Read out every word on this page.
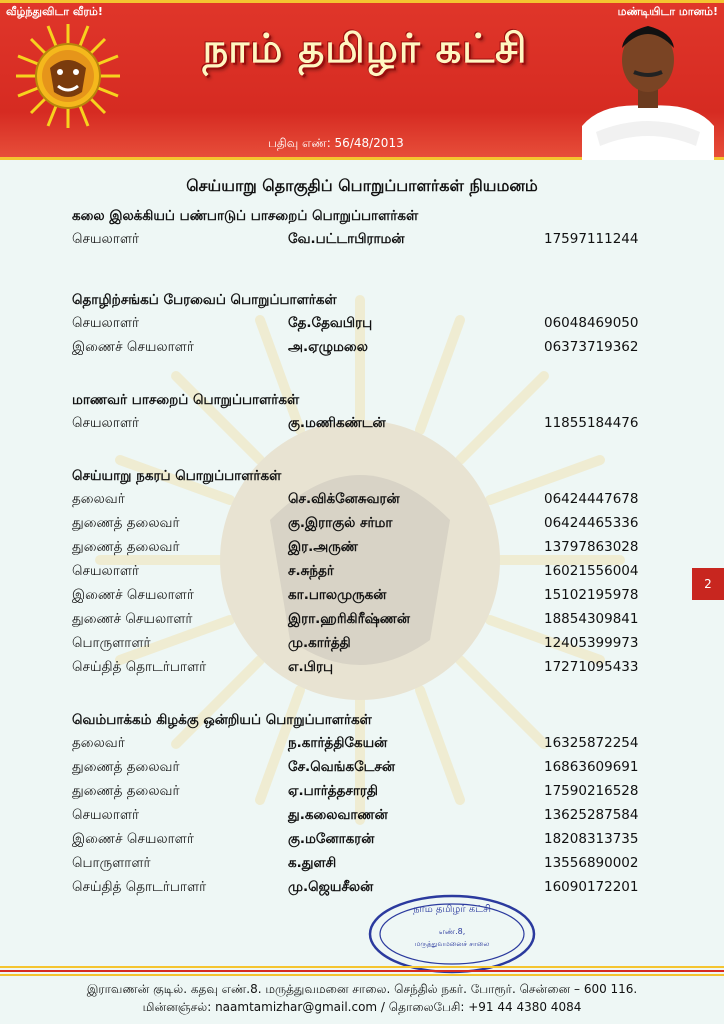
வீழ்ந்துவிடா வீரம்!	மண்டியிடா மானம்!
நாம் தமிழர் கட்சி
பதிவு எண்: 56/48/2013
செய்யாறு தொகுதிப் பொறுப்பாளர்கள் நியமனம்
கலை இலக்கியப் பண்பாடுப் பாசறைப் பொறுப்பாளர்கள்
செயலாளர்	வே.பட்டாபிராமன்	17597111244
தொழிற்சங்கப் பேரவைப் பொறுப்பாளர்கள்
செயலாளர்	தே.தேவபிரபு	06048469050
இணைச் செயலாளர்	அ.ஏழுமலை	06373719362
மாணவர் பாசறைப் பொறுப்பாளர்கள்
செயலாளர்	கு.மணிகண்டன்	11855184476
செய்யாறு நகரப் பொறுப்பாளர்கள்
தலைவர்	செ.விக்னேசுவரன்	06424447678
துணைத் தலைவர்	கு.இராகுல் சர்மா	06424465336
துணைத் தலைவர்	இர.அருண்	13797863028
செயலாளர்	ச.சுந்தர்	16021556004
இணைச் செயலாளர்	கா.பாலமுருகன்	15102195978
துணைச் செயலாளர்	இரா.ஹரிகிரீஷ்ணன்	18854309841
பொருளாளர்	மு.கார்த்தி	12405399973
செய்தித் தொடர்பாளர்	எ.பிரபு	17271095433
வெம்பாக்கம் கிழக்கு ஒன்றியப் பொறுப்பாளர்கள்
தலைவர்	ந.கார்த்திகேயன்	16325872254
துணைத் தலைவர்	சே.வெங்கடேசன்	16863609691
துணைத் தலைவர்	ஏ.பார்த்தசாரதி	17590216528
செயலாளர்	து.கலைவாணன்	13625287584
இணைச் செயலாளர்	கு.மனோகரன்	18208313735
பொருளாளர்	க.துளசி	13556890002
செய்தித் தொடர்பாளர்	மு.ஜெயசீலன்	16090172201
2
நாம் தமிழர் கட்சி
எண்.8,
மருத்துவமனைச் சாலை
இராவணன் குடில். கதவு எண்.8. மருத்துவமனை சாலை. செந்தில் நகர். போரூர். சென்னை – 600 116.
மின்னஞ்சல்: naamtamizhar@gmail.com / தொலைபேசி: +91 44 4380 4084
